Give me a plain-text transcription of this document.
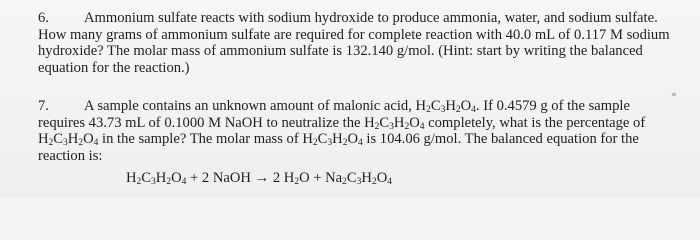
6. Ammonium sulfate reacts with sodium hydroxide to produce ammonia, water, and sodium sulfate.
How many grams of ammonium sulfate are required for complete reaction with 40.0 mL of 0.117 M sodium
hydroxide? The molar mass of ammonium sulfate is 132.140 g/mol. (Hint: start by writing the balanced
equation for the reaction.)
7. A sample contains an unknown amount of malonic acid, $H_2C_3H_2O_4$. If 0.4579 g of the sample
requires 43.73 mL of 0.1000 M NaOH to neutralize the $H_2C_3H_2O_4$ completely, what is the percentage of
$H_2C_3H_2O_4$ in the sample? The molar mass of $H_2C_3H_2O_4$ is 104.06 g/mol. The balanced equation for the
reaction is:
$H_2C_3H_2O_4 + 2$ NaOH → 2 $H_2O + Na_2C_3H_2O_4$
